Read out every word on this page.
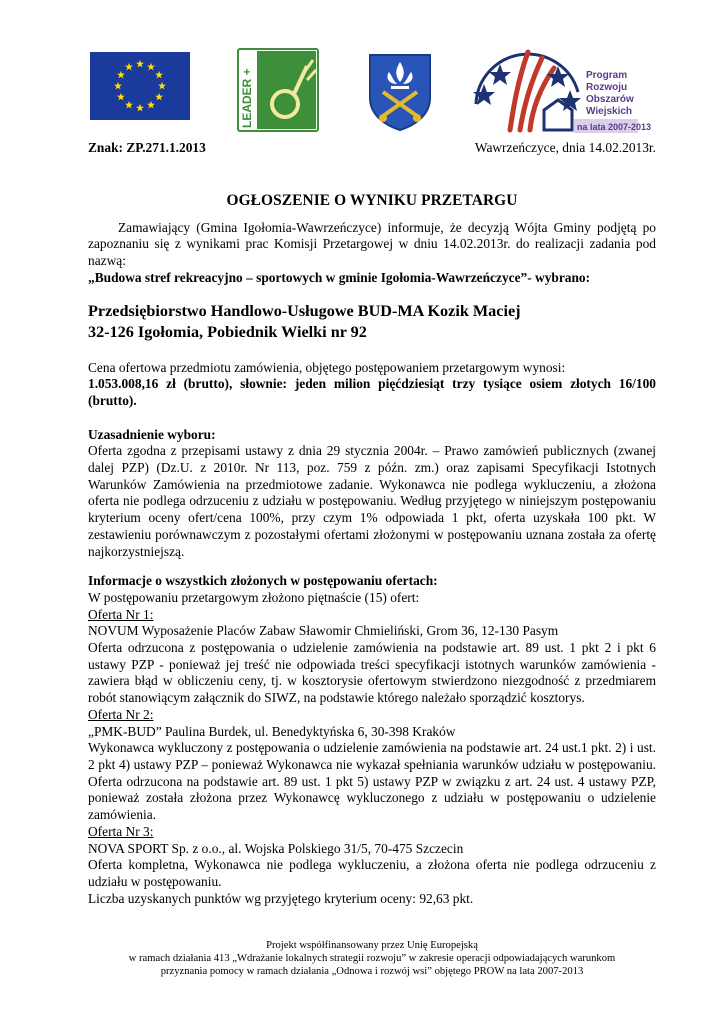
LEADER +	Program
Rozwoju
Obszarów
Wiejskich
na lata 2007-2013
Znak: ZP.271.1.2013	Wawrzeńczyce, dnia 14.02.2013r.
OGŁOSZENIE O WYNIKU PRZETARGU

Zamawiający (Gmina Igołomia-Wawrzeńczyce) informuje, że decyzją Wójta Gminy podjętą po zapoznaniu się z wynikami prac Komisji Przetargowej w dniu 14.02.2013r. do realizacji zadania pod nazwą:

„Budowa stref rekreacyjno – sportowych w gminie Igołomia-Wawrzeńczyce”- wybrano:

Przedsiębiorstwo Handlowo-Usługowe BUD-MA Kozik Maciej
32-126 Igołomia, Pobiednik Wielki nr 92

Cena ofertowa przedmiotu zamówienia, objętego postępowaniem przetargowym wynosi:

1.053.008,16 zł (brutto), słownie: jeden milion pięćdziesiąt trzy tysiące osiem złotych 16/100 (brutto).

Uzasadnienie wyboru:

Oferta zgodna z przepisami ustawy z dnia 29 stycznia 2004r. – Prawo zamówień publicznych (zwanej dalej PZP) (Dz.U. z 2010r. Nr 113, poz. 759 z późn. zm.) oraz zapisami Specyfikacji Istotnych Warunków Zamówienia na przedmiotowe zadanie. Wykonawca nie podlega wykluczeniu, a złożona oferta nie podlega odrzuceniu z udziału w postępowaniu. Według przyjętego w niniejszym postępowaniu kryterium oceny ofert/cena 100%, przy czym 1% odpowiada 1 pkt, oferta uzyskała 100 pkt. W zestawieniu porównawczym z pozostałymi ofertami złożonymi w postępowaniu uznana została za ofertę najkorzystniejszą.

Informacje o wszystkich złożonych w postępowaniu ofertach:

W postępowaniu przetargowym złożono piętnaście (15) ofert:

Oferta Nr 1:

NOVUM Wyposażenie Placów Zabaw Sławomir Chmieliński, Grom 36, 12-130 Pasym

Oferta odrzucona z postępowania o udzielenie zamówienia na podstawie art. 89 ust. 1 pkt 2 i pkt 6 ustawy PZP - ponieważ jej treść nie odpowiada treści specyfikacji istotnych warunków zamówienia - zawiera błąd w obliczeniu ceny, tj. w kosztorysie ofertowym stwierdzono niezgodność z przedmiarem robót stanowiącym załącznik do SIWZ, na podstawie którego należało sporządzić kosztorys.

Oferta Nr 2:

„PMK-BUD” Paulina Burdek, ul. Benedyktyńska 6, 30-398 Kraków

Wykonawca wykluczony z postępowania o udzielenie zamówienia na podstawie art. 24 ust.1 pkt. 2) i ust. 2 pkt 4) ustawy PZP – ponieważ Wykonawca nie wykazał spełniania warunków udziału w postępowaniu. Oferta odrzucona na podstawie art. 89 ust. 1 pkt 5) ustawy PZP w związku z art. 24 ust. 4 ustawy PZP, ponieważ została złożona przez Wykonawcę wykluczonego z udziału w postępowaniu o udzielenie zamówienia.

Oferta Nr 3:

NOVA SPORT Sp. z o.o., al. Wojska Polskiego 31/5, 70-475 Szczecin

Oferta kompletna, Wykonawca nie podlega wykluczeniu, a złożona oferta nie podlega odrzuceniu z udziału w postępowaniu.

Liczba uzyskanych punktów wg przyjętego kryterium oceny: 92,63 pkt.

Projekt współfinansowany przez Unię Europejską
w ramach działania 413 „Wdrażanie lokalnych strategii rozwoju” w zakresie operacji odpowiadających warunkom
przyznania pomocy w ramach działania „Odnowa i rozwój wsi” objętego PROW na lata 2007-2013
